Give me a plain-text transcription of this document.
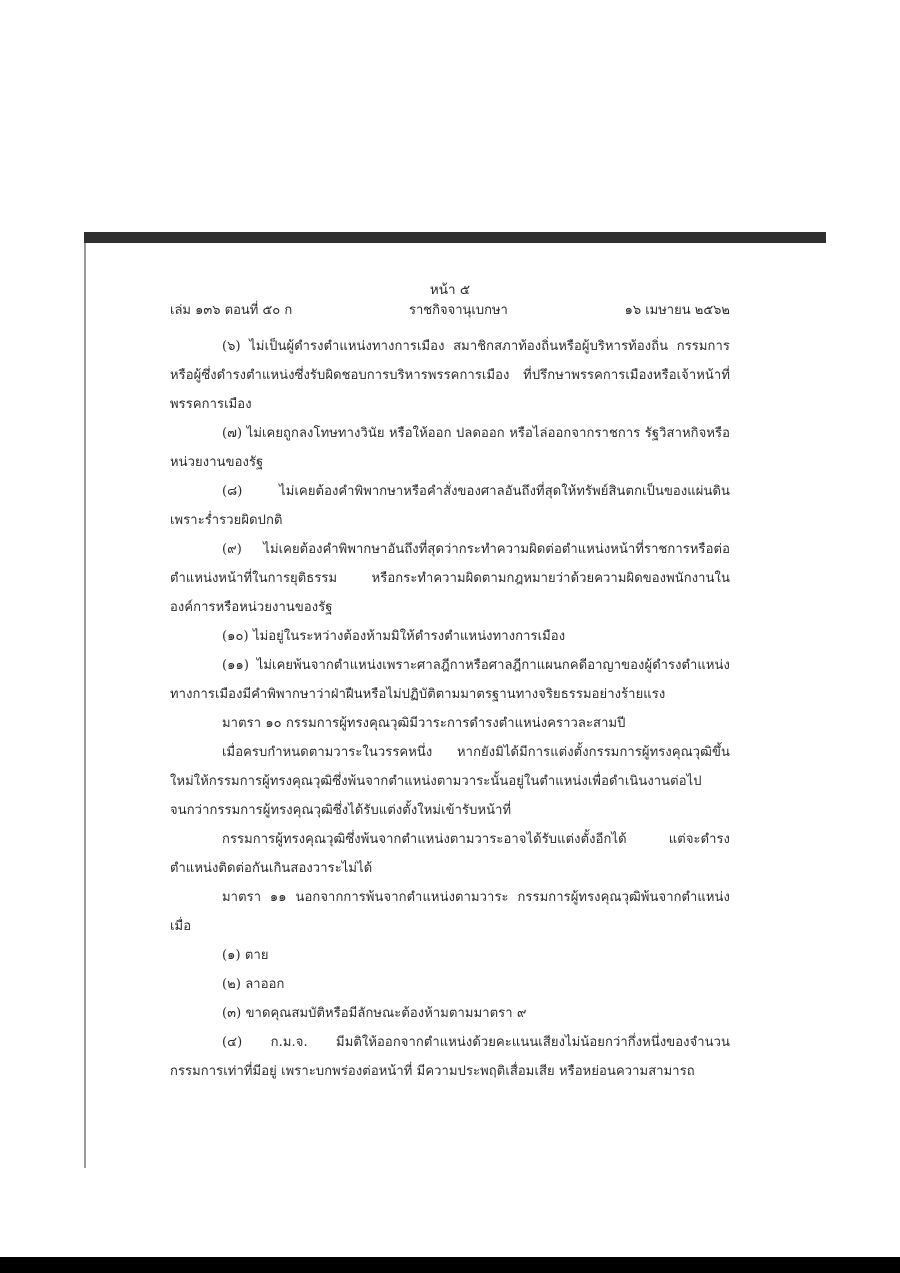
หน้า ๕
เล่ม ๑๓๖ ตอนที่ ๕๐ ก	ราชกิจจานุเบกษา	๑๖ เมษายน ๒๕๖๒

(๖) ไม่เป็นผู้ดำรงตำแหน่งทางการเมือง สมาชิกสภาท้องถิ่นหรือผู้บริหารท้องถิ่น กรรมการหรือผู้ซึ่งดำรงตำแหน่งซึ่งรับผิดชอบการบริหารพรรคการเมือง ที่ปรึกษาพรรคการเมืองหรือเจ้าหน้าที่พรรคการเมือง

(๗) ไม่เคยถูกลงโทษทางวินัย หรือให้ออก ปลดออก หรือไล่ออกจากราชการ รัฐวิสาหกิจหรือหน่วยงานของรัฐ

(๘) ไม่เคยต้องคำพิพากษาหรือคำสั่งของศาลอันถึงที่สุดให้ทรัพย์สินตกเป็นของแผ่นดินเพราะร่ำรวยผิดปกติ

(๙) ไม่เคยต้องคำพิพากษาอันถึงที่สุดว่ากระทำความผิดต่อตำแหน่งหน้าที่ราชการหรือต่อตำแหน่งหน้าที่ในการยุติธรรม หรือกระทำความผิดตามกฎหมายว่าด้วยความผิดของพนักงานในองค์การหรือหน่วยงานของรัฐ

(๑๐) ไม่อยู่ในระหว่างต้องห้ามมิให้ดำรงตำแหน่งทางการเมือง

(๑๑) ไม่เคยพ้นจากตำแหน่งเพราะศาลฎีกาหรือศาลฎีกาแผนกคดีอาญาของผู้ดำรงตำแหน่งทางการเมืองมีคำพิพากษาว่าฝ่าฝืนหรือไม่ปฏิบัติตามมาตรฐานทางจริยธรรมอย่างร้ายแรง

มาตรา ๑๐ กรรมการผู้ทรงคุณวุฒิมีวาระการดำรงตำแหน่งคราวละสามปี

เมื่อครบกำหนดตามวาระในวรรคหนึ่ง หากยังมิได้มีการแต่งตั้งกรรมการผู้ทรงคุณวุฒิขึ้นใหม่ให้กรรมการผู้ทรงคุณวุฒิซึ่งพ้นจากตำแหน่งตามวาระนั้นอยู่ในตำแหน่งเพื่อดำเนินงานต่อไปจนกว่ากรรมการผู้ทรงคุณวุฒิซึ่งได้รับแต่งตั้งใหม่เข้ารับหน้าที่

กรรมการผู้ทรงคุณวุฒิซึ่งพ้นจากตำแหน่งตามวาระอาจได้รับแต่งตั้งอีกได้ แต่จะดำรงตำแหน่งติดต่อกันเกินสองวาระไม่ได้

มาตรา ๑๑ นอกจากการพ้นจากตำแหน่งตามวาระ กรรมการผู้ทรงคุณวุฒิพ้นจากตำแหน่งเมื่อ

(๑) ตาย

(๒) ลาออก

(๓) ขาดคุณสมบัติหรือมีลักษณะต้องห้ามตามมาตรา ๙

(๔) ก.ม.จ. มีมติให้ออกจากตำแหน่งด้วยคะแนนเสียงไม่น้อยกว่ากึ่งหนึ่งของจำนวนกรรมการเท่าที่มีอยู่ เพราะบกพร่องต่อหน้าที่ มีความประพฤติเสื่อมเสีย หรือหย่อนความสามารถ
